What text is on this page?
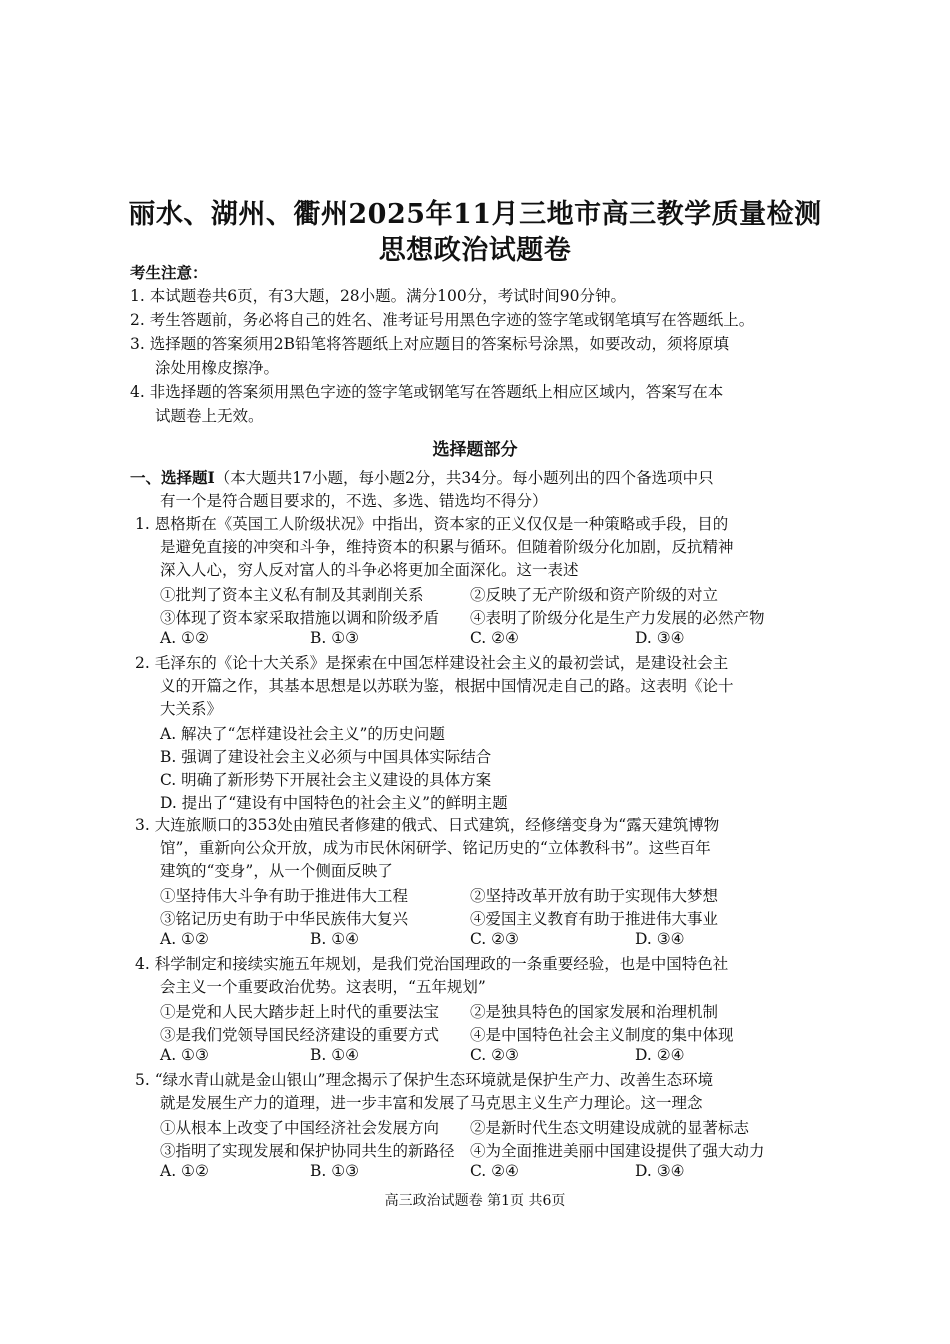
丽水、湖州、衢州2025年11月三地市高三教学质量检测
思想政治试题卷
考生注意：
1. 本试题卷共6页，有3大题，28小题。满分100分，考试时间90分钟。
2. 考生答题前，务必将自己的姓名、准考证号用黑色字迹的签字笔或钢笔填写在答题纸上。
3. 选择题的答案须用2B铅笔将答题纸上对应题目的答案标号涂黑，如要改动，须将原填
涂处用橡皮擦净。
4. 非选择题的答案须用黑色字迹的签字笔或钢笔写在答题纸上相应区域内，答案写在本
试题卷上无效。
选择题部分
一、选择题Ⅰ（本大题共17小题，每小题2分，共34分。每小题列出的四个备选项中只
有一个是符合题目要求的，不选、多选、错选均不得分）
1. 恩格斯在《英国工人阶级状况》中指出，资本家的正义仅仅是一种策略或手段，目的
是避免直接的冲突和斗争，维持资本的积累与循环。但随着阶级分化加剧，反抗精神
深入人心，穷人反对富人的斗争必将更加全面深化。这一表述
①批判了资本主义私有制及其剥削关系	②反映了无产阶级和资产阶级的对立
③体现了资本家采取措施以调和阶级矛盾 ④表明了阶级分化是生产力发展的必然产物
A. ①②	B. ①③	C. ②④	D. ③④
2. 毛泽东的《论十大关系》是探索在中国怎样建设社会主义的最初尝试，是建设社会主
义的开篇之作，其基本思想是以苏联为鉴，根据中国情况走自己的路。这表明《论十
大关系》
A. 解决了“怎样建设社会主义”的历史问题
B. 强调了建设社会主义必须与中国具体实际结合
C. 明确了新形势下开展社会主义建设的具体方案
D. 提出了“建设有中国特色的社会主义”的鲜明主题
3. 大连旅顺口的353处由殖民者修建的俄式、日式建筑，经修缮变身为“露天建筑博物
馆”，重新向公众开放，成为市民休闲研学、铭记历史的“立体教科书”。这些百年
建筑的“变身”，从一个侧面反映了
①坚持伟大斗争有助于推进伟大工程	②坚持改革开放有助于实现伟大梦想
③铭记历史有助于中华民族伟大复兴	④爱国主义教育有助于推进伟大事业
A. ①②	B. ①④	C. ②③	D. ③④
4. 科学制定和接续实施五年规划，是我们党治国理政的一条重要经验，也是中国特色社
会主义一个重要政治优势。这表明，“五年规划”
①是党和人民大踏步赶上时代的重要法宝 ②是独具特色的国家发展和治理机制
③是我们党领导国民经济建设的重要方式 ④是中国特色社会主义制度的集中体现
A. ①③	B. ①④	C. ②③	D. ②④
5. “绿水青山就是金山银山”理念揭示了保护生态环境就是保护生产力、改善生态环境
就是发展生产力的道理，进一步丰富和发展了马克思主义生产力理论。这一理念
①从根本上改变了中国经济社会发展方向 ②是新时代生态文明建设成就的显著标志
③指明了实现发展和保护协同共生的新路径 ④为全面推进美丽中国建设提供了强大动力
A. ①②	B. ①③	C. ②④	D. ③④
高三政治试题卷 第1页 共6页
